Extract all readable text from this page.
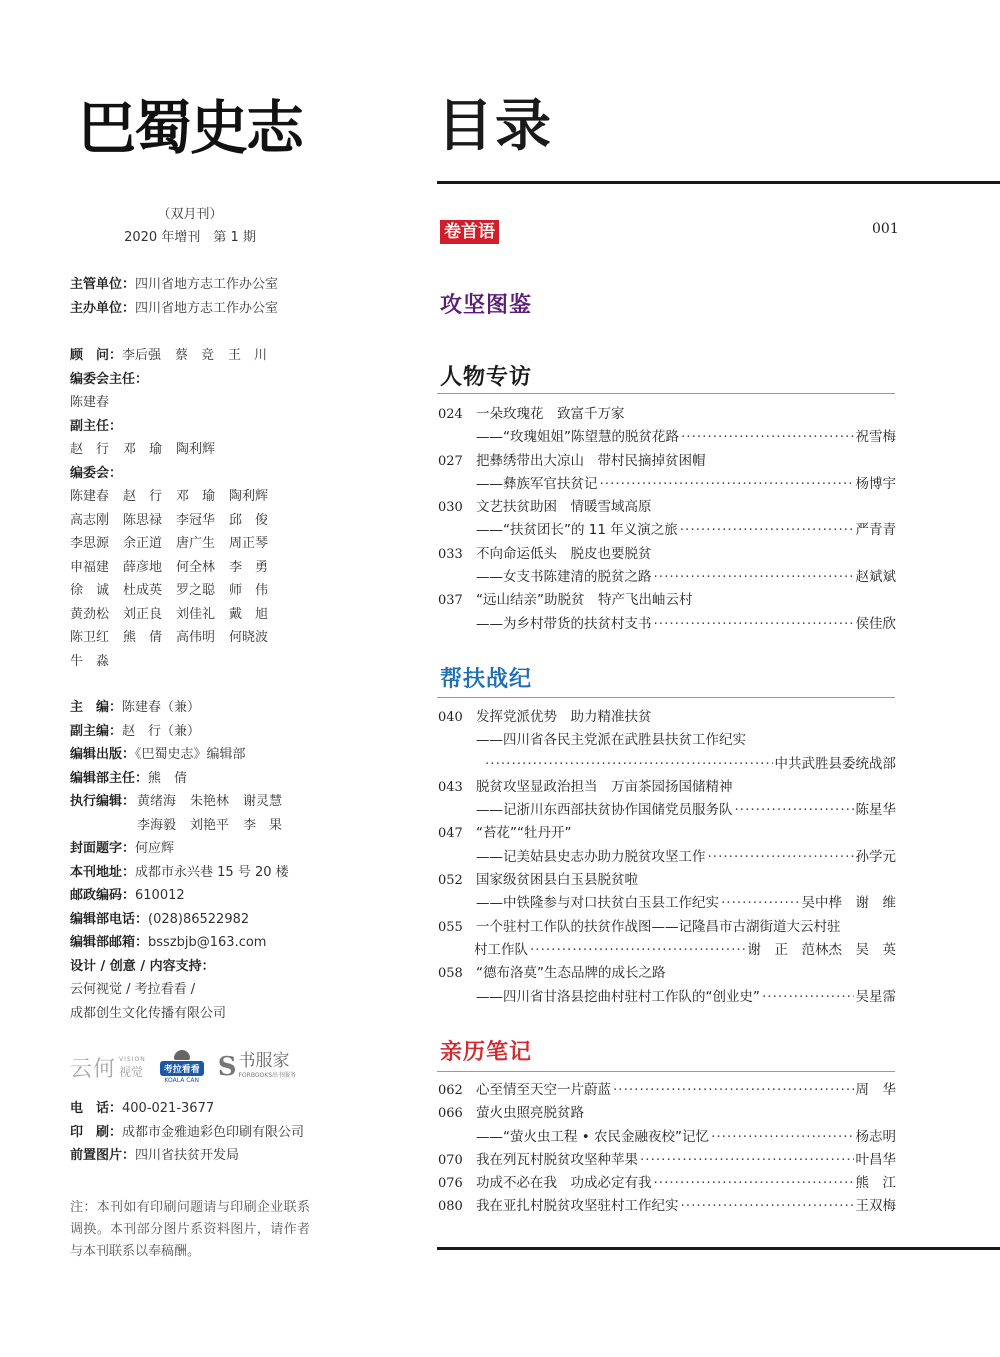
巴蜀史志
（双月刊）
2020 年增刊　第 1 期
主管单位：四川省地方志工作办公室
主办单位：四川省地方志工作办公室
顾　问： 李后强	蔡　竞	王　川
编委会主任：
陈建春
副主任：
赵　行	邓　瑜	陶利辉
编委会：
陈建春	赵　行	邓　瑜	陶利辉
高志刚	陈思禄	李冠华	邱　俊
李思源	余正道	唐广生	周正琴
申福建	薛彦地	何全林	李　勇
徐　诚	杜成英	罗之聪	师　伟
黄劲松	刘正良	刘佳礼	戴　旭
陈卫红	熊　倩	高伟明	何晓波
牛　淼
主　编：陈建春（兼）
副主编：赵　行（兼）
编辑出版：《巴蜀史志》编辑部
编辑部主任：熊　倩
执行编辑： 黄绪海	朱艳林	谢灵慧
李海毅 刘艳平 李　果
封面题字：何应辉
本刊地址：成都市永兴巷 15 号 20 楼
邮政编码：610012
编辑部电话：(028)86522982
编辑部邮箱：bsszbjb@163.com
设计 / 创意 / 内容支持：
云何视觉 / 考拉看看 /
成都创生文化传播有限公司
云何 VISION
视觉	考拉看看
KOALA CAN S 书服家
FORBOOKS出书服务
电　话：400-021-3677
印　刷：成都市金雅迪彩色印刷有限公司
前置图片：四川省扶贫开发局
注：本刊如有印刷问题请与印刷企业联系调换。本刊部分图片系资料图片，请作者与本刊联系以奉稿酬。
目录
卷首语	001
攻坚图鉴
人物专访
024 一朵玫瑰花　致富千万家
——“玫瑰姐姐”陈望慧的脱贫花路 ·····	祝雪梅
027 把彝绣带出大凉山　带村民摘掉贫困帽
——彝族军官扶贫记 ·····	杨博宇
030 文艺扶贫助困　情暖雪域高原
——“扶贫团长”的 11 年义演之旅 ·····	严青青
033 不向命运低头　脱皮也要脱贫
——女支书陈建清的脱贫之路 ·····	赵斌斌
037 “远山结亲”助脱贫　特产飞出岫云村
——为乡村带货的扶贫村支书 ·····	侯佳欣
帮扶战纪
040 发挥党派优势　助力精准扶贫
——四川省各民主党派在武胜县扶贫工作纪实
·····
中共武胜县委统战部
043 脱贫攻坚显政治担当　万亩茶园扬国储精神
——记浙川东西部扶贫协作国储党员服务队 ·····	陈星华
047 “苔花”“牡丹开”
——记美姑县史志办助力脱贫攻坚工作 ·····	孙学元
052 国家级贫困县白玉县脱贫啦
——中铁隆参与对口扶贫白玉县工作纪实 ·····	吴中桦　谢　维
055 一个驻村工作队的扶贫作战图——记隆昌市古湖街道大云村驻
村工作队 ·····	谢　正　范林杰　吴　英
058 “德布洛莫”生态品牌的成长之路
——四川省甘洛县挖曲村驻村工作队的“创业史” ·····	吴星霈
亲历笔记
062 心至情至天空一片蔚蓝 ·····	周　华
066 萤火虫照亮脱贫路
——“萤火虫工程 • 农民金融夜校”记忆 ·····	杨志明
070 我在列瓦村脱贫攻坚种苹果 ·····	叶昌华
076 功成不必在我　功成必定有我 ·····	熊　江
080 我在亚扎村脱贫攻坚驻村工作纪实 ·····	王双梅
